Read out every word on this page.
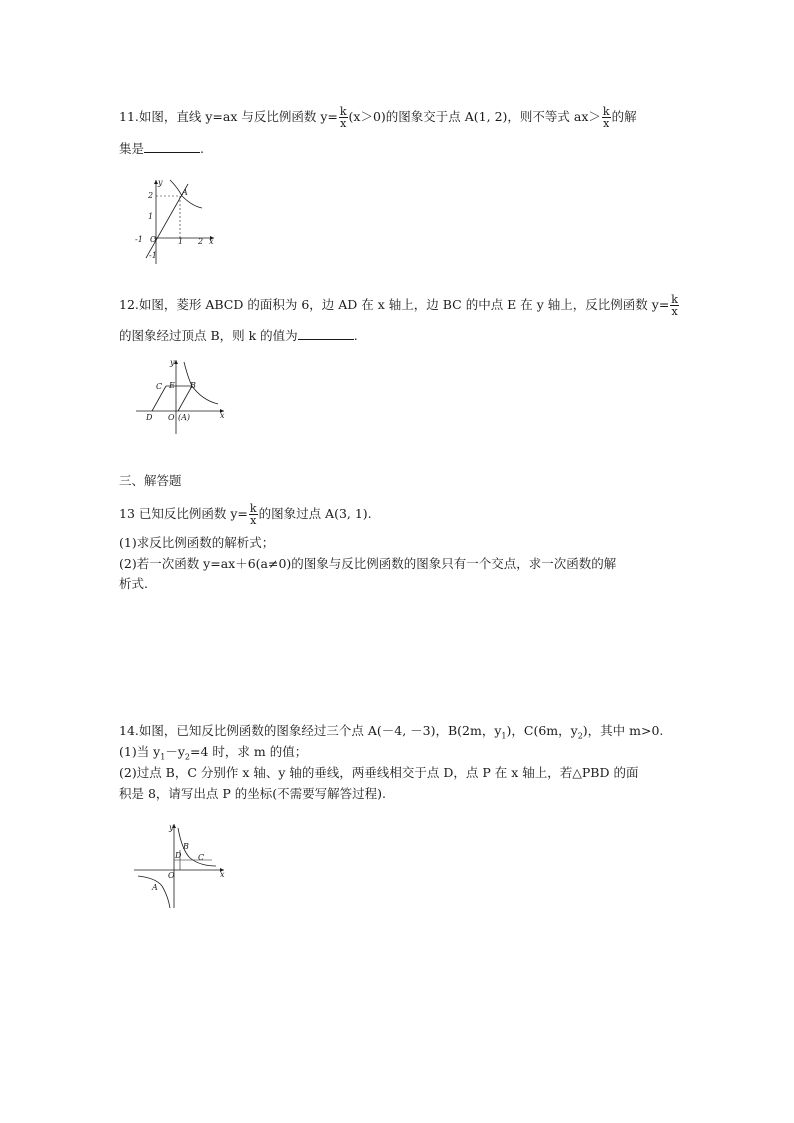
11.如图，直线 y=ax 与反比例函数 $y= \frac{k}{x} (x>0)$的图象交于点 A(1, 2)，则不等式 $ax> \frac{k}{x}$ 的解
集是	.
y
A
2
1
-1 O	1 2 x
-1
12.如图，菱形 ABCD 的面积为 6，边 AD 在 x 轴上，边 BC 的中点 E 在 y 轴上，反比例函数 $y= \frac{k}{x}$
的图象经过顶点 B，则 k 的值为	.
y
C E B
D O (A)	x
三、解答题
13 已知反比例函数 $y= \frac{k}{x}$ 的图象过点 A(3, 1).
(1)求反比例函数的解析式；
(2)若一次函数 y=ax＋6(a≠0)的图象与反比例函数的图象只有一个交点，求一次函数的解
析式.
14.如图，已知反比例函数的图象经过三个点 A(－4, －3)，B(2m，$y_1$)，C(6m，$y_2$)，其中 m>0.
(1)当 $y_1-y_2=4$ 时，求 m 的值；
(2)过点 B，C 分别作 x 轴、y 轴的垂线，两垂线相交于点 D，点 P 在 x 轴上，若△PBD 的面
积是 8，请写出点 P 的坐标(不需要写解答过程).
y
B
C
D
O	x
A
